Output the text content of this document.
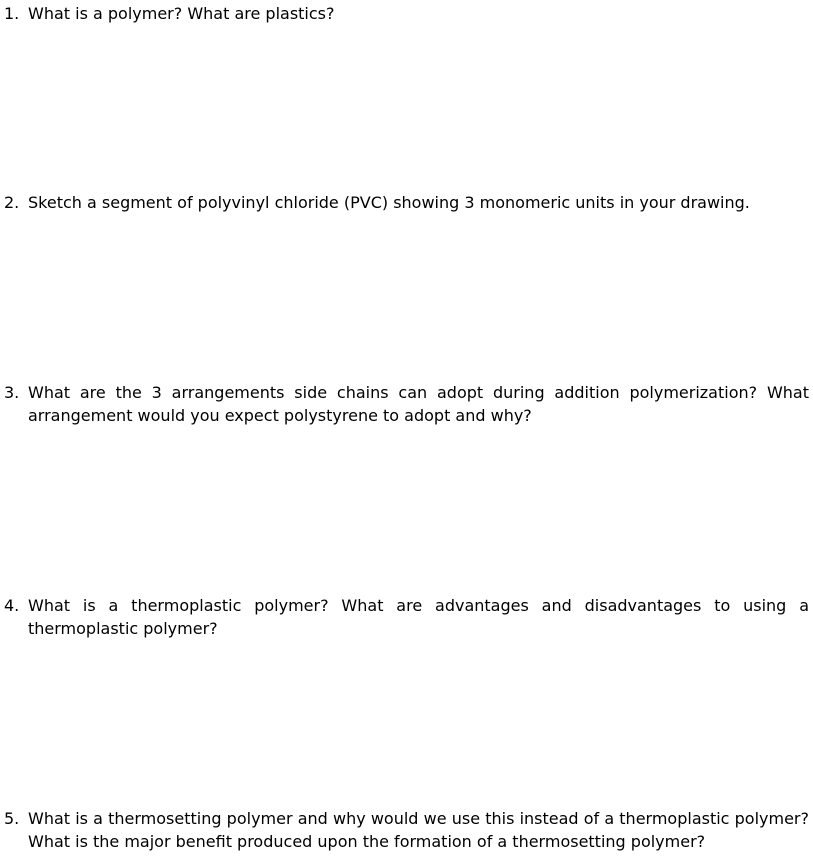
1. What is a polymer? What are plastics?
2. Sketch a segment of polyvinyl chloride (PVC) showing 3 monomeric units in your drawing.
3. What are the 3 arrangements side chains can adopt during addition polymerization? What arrangement would you expect polystyrene to adopt and why?
4. What is a thermoplastic polymer? What are advantages and disadvantages to using a thermoplastic polymer?
5. What is a thermosetting polymer and why would we use this instead of a thermoplastic polymer? What is the major benefit produced upon the formation of a thermosetting polymer?
